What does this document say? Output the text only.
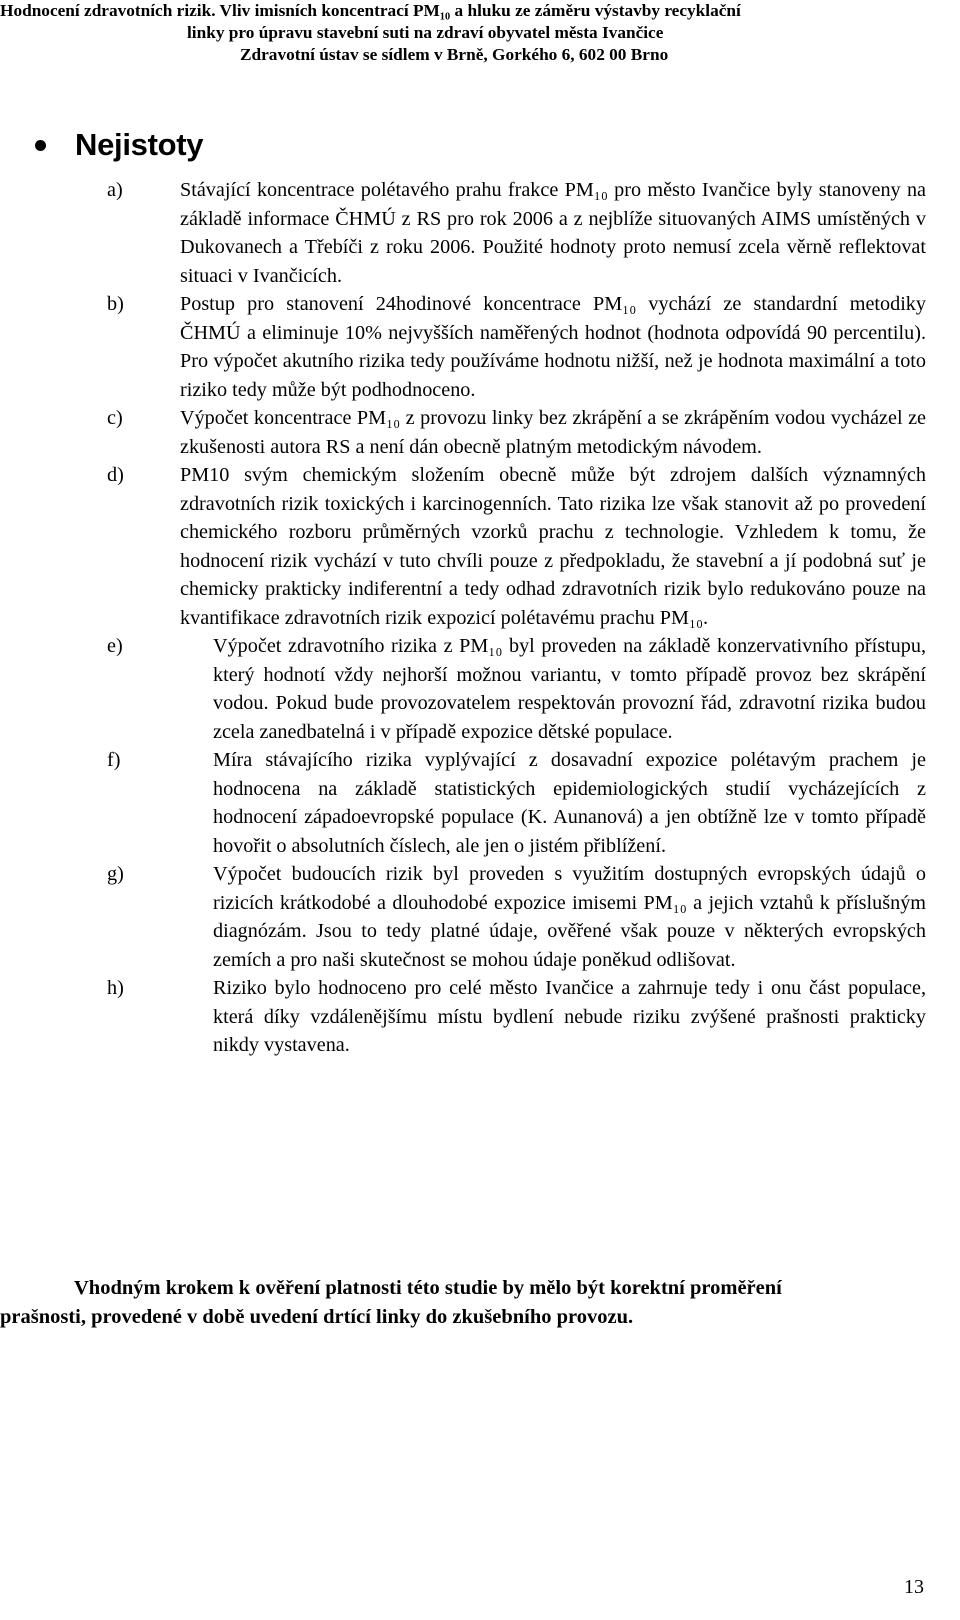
Hodnocení zdravotních rizik. Vliv imisních koncentrací PM₁₀ a hluku ze záměru výstavby recyklační
linky pro úpravu stavební suti na zdraví obyvatel města Ivančice
Zdravotní ústav se sídlem v Brně, Gorkého 6, 602 00 Brno
Nejistoty
a)	Stávající koncentrace polétavého prahu frakce PM₁₀ pro město Ivančice byly stanoveny na základě informace ČHMÚ z RS pro rok 2006 a z nejblíže situovaných AIMS umístěných v Dukovanech a Třebíči z roku 2006. Použité hodnoty proto nemusí zcela věrně reflektovat situaci v Ivančicích.
b)	Postup pro stanovení 24hodinové koncentrace PM₁₀ vychází ze standardní metodiky ČHMÚ a eliminuje 10% nejvyšších naměřených hodnot (hodnota odpovídá 90 percentilu). Pro výpočet akutního rizika tedy používáme hodnotu nižší, než je hodnota maximální a toto riziko tedy může být podhodnoceno.
c)	Výpočet koncentrace PM₁₀ z provozu linky bez zkrápění a se zkrápěním vodou vycházel ze zkušenosti autora RS a není dán obecně platným metodickým návodem.
d)	PM10 svým chemickým složením obecně může být zdrojem dalších významných zdravotních rizik toxických i karcinogenních. Tato rizika lze však stanovit až po provedení chemického rozboru průměrných vzorků prachu z technologie. Vzhledem k tomu, že hodnocení rizik vychází v tuto chvíli pouze z předpokladu, že stavební a jí podobná suť je chemicky prakticky indiferentní a tedy odhad zdravotních rizik bylo redukováno pouze na kvantifikace zdravotních rizik expozicí polétavému prachu PM₁₀.
e)	Výpočet zdravotního rizika z PM₁₀ byl proveden na základě konzervativního přístupu, který hodnotí vždy nejhorší možnou variantu, v tomto případě provoz bez skrápění vodou. Pokud bude provozovatelem respektován provozní řád, zdravotní rizika budou zcela zanedbatelná i v případě expozice dětské populace.
f)	Míra stávajícího rizika vyplývající z dosavadní expozice polétavým prachem je hodnocena na základě statistických epidemiologických studií vycházejících z hodnocení západoevropské populace (K. Aunanová) a jen obtížně lze v tomto případě hovořit o absolutních číslech, ale jen o jistém přiblížení.
g)	Výpočet budoucích rizik byl proveden s využitím dostupných evropských údajů o rizicích krátkodobé a dlouhodobé expozice imisemi PM₁₀ a jejich vztahů k příslušným diagnózám. Jsou to tedy platné údaje, ověřené však pouze v některých evropských zemích a pro naši skutečnost se mohou údaje poněkud odlišovat.
h)	Riziko bylo hodnoceno pro celé město Ivančice a zahrnuje tedy i onu část populace, která díky vzdálenějšímu místu bydlení nebude riziku zvýšené prašnosti prakticky nikdy vystavena.
Vhodným krokem k ověření platnosti této studie by mělo být korektní proměření
prašnosti, provedené v době uvedení drtící linky do zkušebního provozu.
13
